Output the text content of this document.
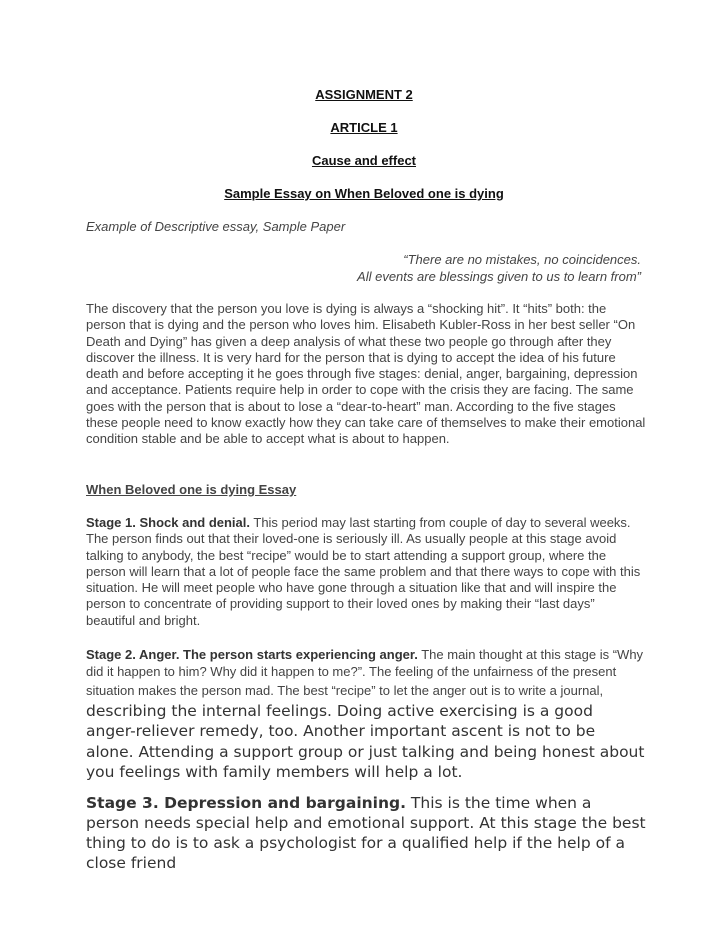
ASSIGNMENT 2
ARTICLE 1
Cause and effect
Sample Essay on When Beloved one is dying
Example of Descriptive essay, Sample Paper
“There are no mistakes, no coincidences.
All events are blessings given to us to learn from”
The discovery that the person you love is dying is always a “shocking hit”. It “hits” both: the person that is dying and the person who loves him. Elisabeth Kubler-Ross in her best seller “On Death and Dying” has given a deep analysis of what these two people go through after they discover the illness. It is very hard for the person that is dying to accept the idea of his future death and before accepting it he goes through five stages: denial, anger, bargaining, depression and acceptance. Patients require help in order to cope with the crisis they are facing. The same goes with the person that is about to lose a “dear-to-heart” man. According to the five stages these people need to know exactly how they can take care of themselves to make their emotional condition stable and be able to accept what is about to happen.
When Beloved one is dying Essay
Stage 1. Shock and denial. This period may last starting from couple of day to several weeks. The person finds out that their loved-one is seriously ill. As usually people at this stage avoid talking to anybody, the best “recipe” would be to start attending a support group, where the person will learn that a lot of people face the same problem and that there ways to cope with this situation. He will meet people who have gone through a situation like that and will inspire the person to concentrate of providing support to their loved ones by making their “last days” beautiful and bright.
Stage 2. Anger. The person starts experiencing anger. The main thought at this stage is “Why did it happen to him? Why did it happen to me?”. The feeling of the unfairness of the present situation makes the person mad. The best “recipe” to let the anger out is to write a journal, describing the internal feelings. Doing active exercising is a good anger-reliever remedy, too. Another important ascent is not to be alone. Attending a support group or just talking and being honest about you feelings with family members will help a lot.
Stage 3. Depression and bargaining. This is the time when a person needs special help and emotional support. At this stage the best thing to do is to ask a psychologist for a qualified help if the help of a close friend
